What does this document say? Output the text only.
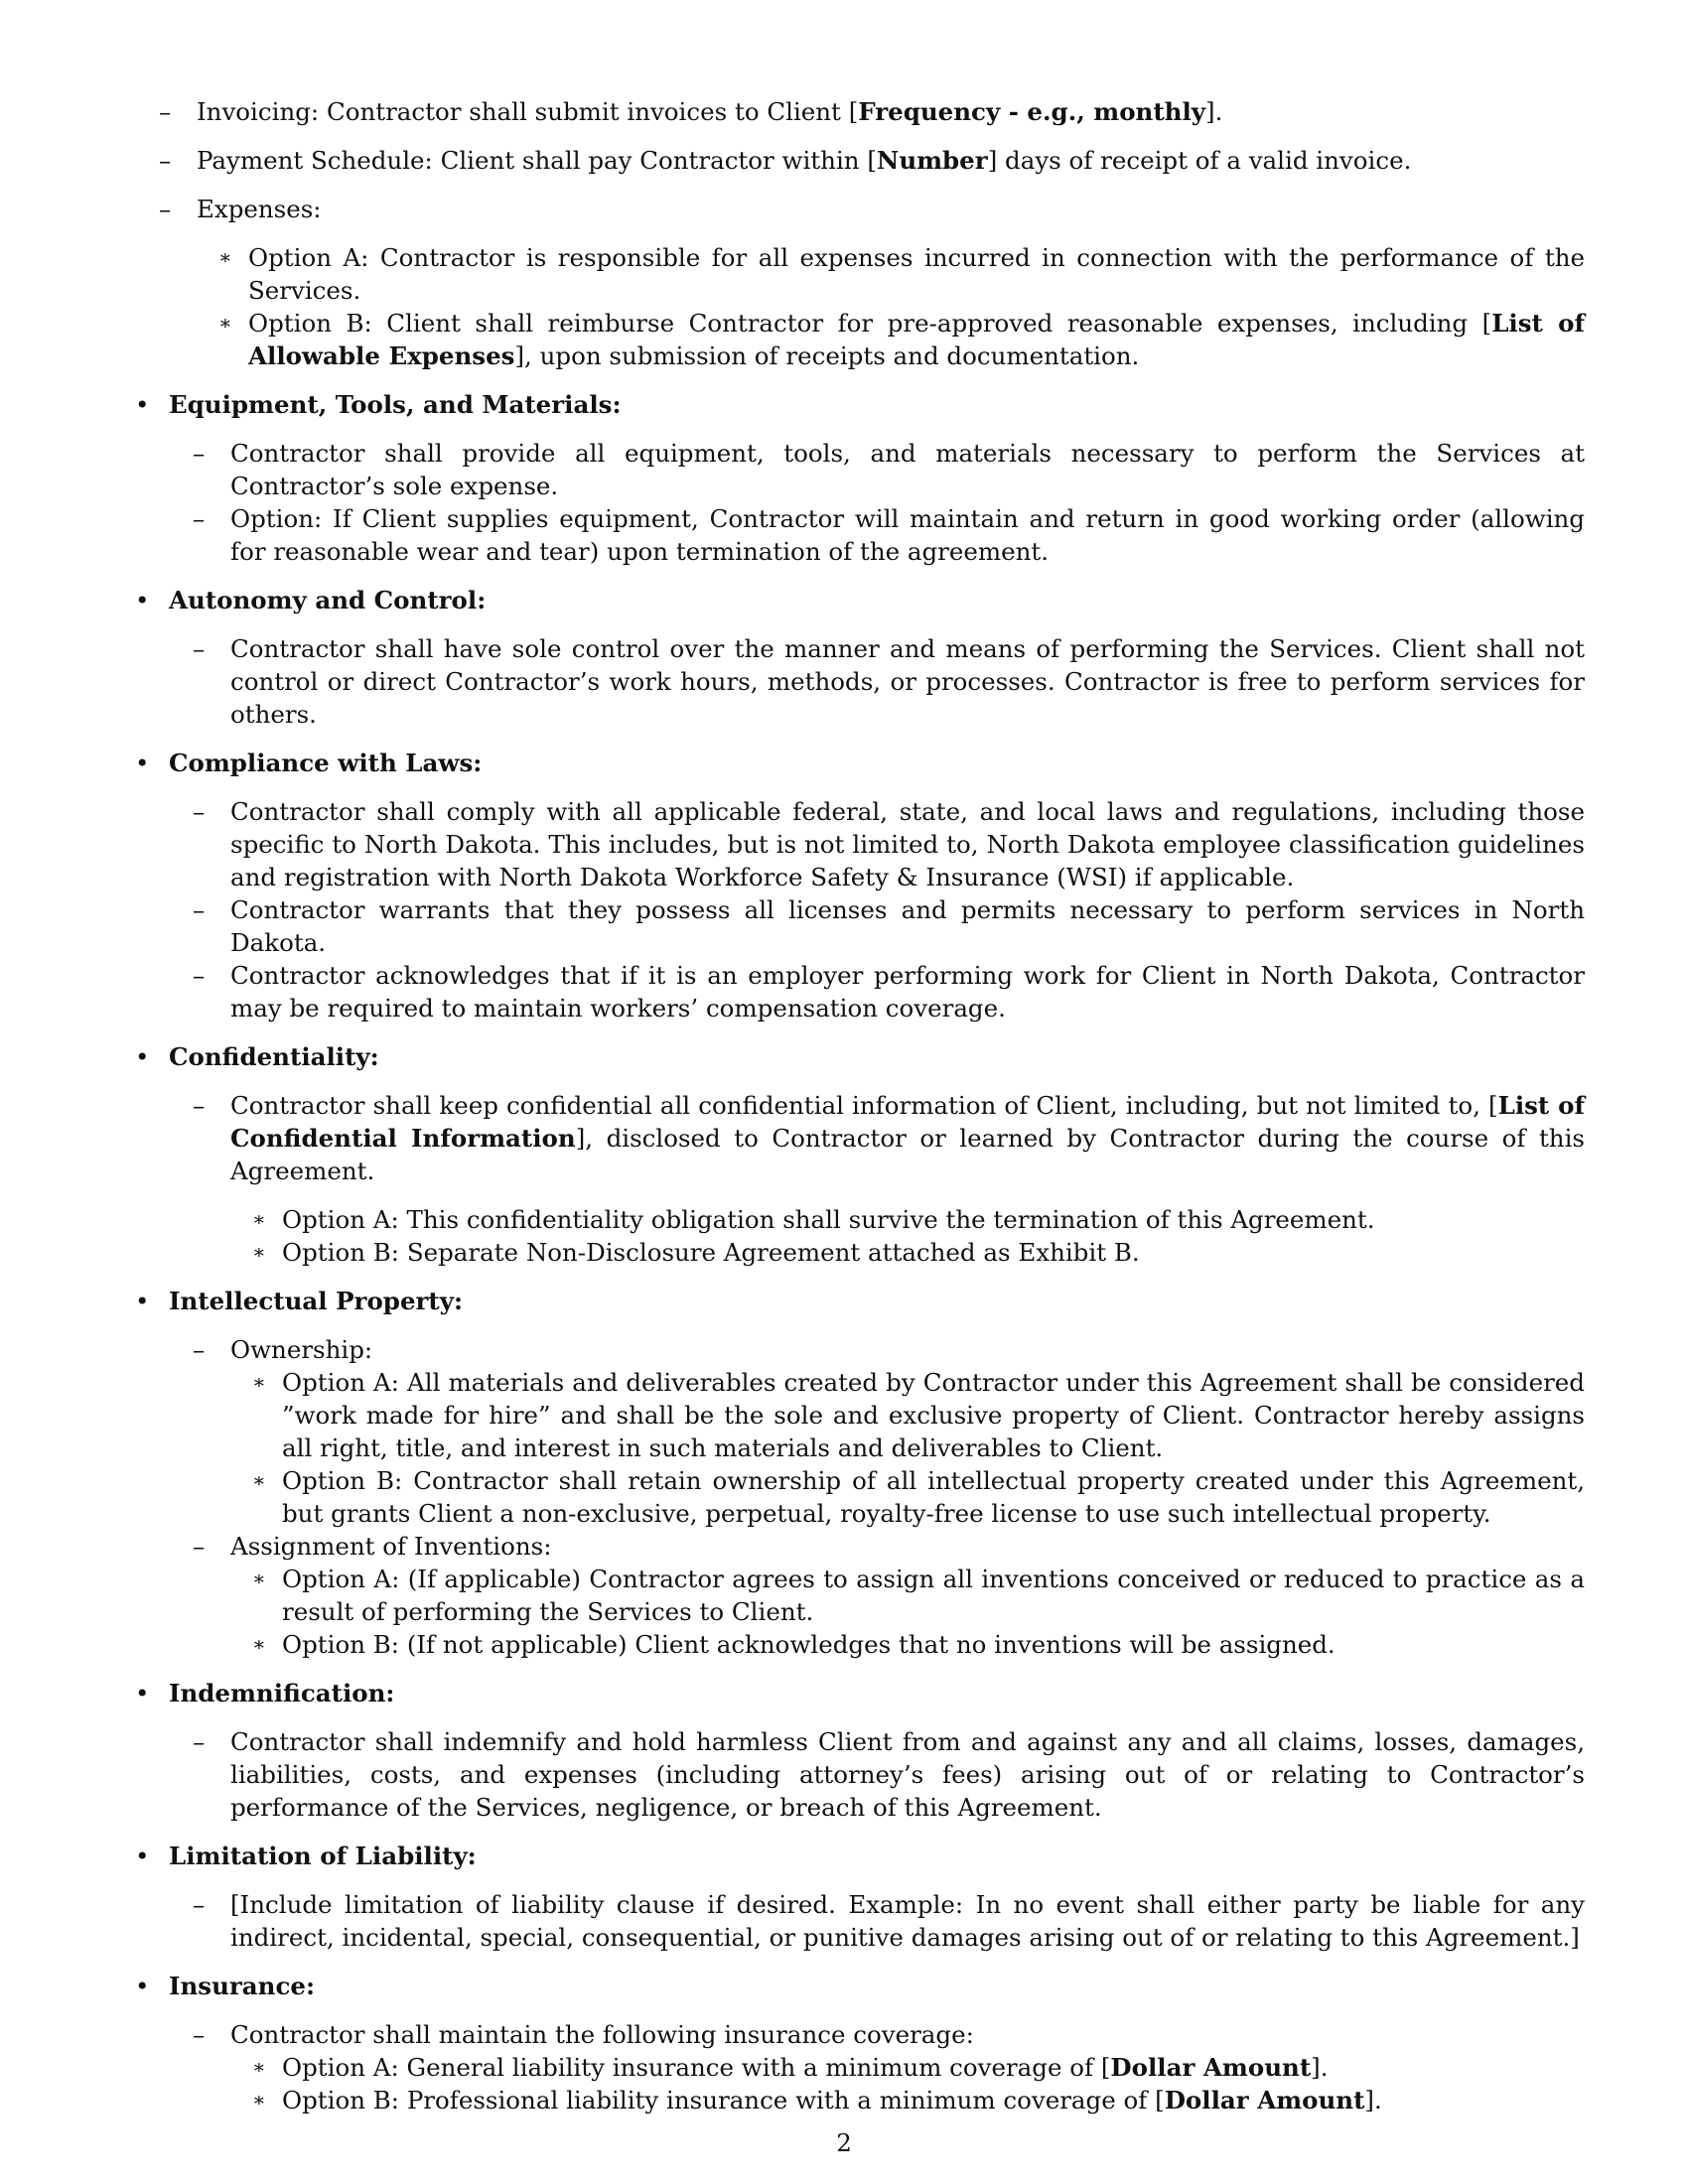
– Invoicing: Contractor shall submit invoices to Client [Frequency - e.g., monthly].
– Payment Schedule: Client shall pay Contractor within [Number] days of receipt of a valid invoice.
– Expenses:
∗ Option A: Contractor is responsible for all expenses incurred in connection with the performance of the Services.
∗ Option B: Client shall reimburse Contractor for pre-approved reasonable expenses, including [List of Allowable Expenses], upon submission of receipts and documentation.
• Equipment, Tools, and Materials:
– Contractor shall provide all equipment, tools, and materials necessary to perform the Services at Contractor’s sole expense.
– Option: If Client supplies equipment, Contractor will maintain and return in good working order (allowing for reasonable wear and tear) upon termination of the agreement.
• Autonomy and Control:
– Contractor shall have sole control over the manner and means of performing the Services. Client shall not control or direct Contractor’s work hours, methods, or processes. Contractor is free to perform services for others.
• Compliance with Laws:
– Contractor shall comply with all applicable federal, state, and local laws and regulations, including those specific to North Dakota. This includes, but is not limited to, North Dakota employee classification guidelines and registration with North Dakota Workforce Safety & Insurance (WSI) if applicable.
– Contractor warrants that they possess all licenses and permits necessary to perform services in North Dakota.
– Contractor acknowledges that if it is an employer performing work for Client in North Dakota, Contractor may be required to maintain workers’ compensation coverage.
• Confidentiality:
– Contractor shall keep confidential all confidential information of Client, including, but not limited to, [List of Confidential Information], disclosed to Contractor or learned by Contractor during the course of this Agreement.
∗ Option A: This confidentiality obligation shall survive the termination of this Agreement.
∗ Option B: Separate Non-Disclosure Agreement attached as Exhibit B.
• Intellectual Property:
– Ownership:
∗ Option A: All materials and deliverables created by Contractor under this Agreement shall be considered ”work made for hire” and shall be the sole and exclusive property of Client. Contractor hereby assigns all right, title, and interest in such materials and deliverables to Client.
∗ Option B: Contractor shall retain ownership of all intellectual property created under this Agreement, but grants Client a non-exclusive, perpetual, royalty-free license to use such intellectual property.
– Assignment of Inventions:
∗ Option A: (If applicable) Contractor agrees to assign all inventions conceived or reduced to practice as a result of performing the Services to Client.
∗ Option B: (If not applicable) Client acknowledges that no inventions will be assigned.
• Indemnification:
– Contractor shall indemnify and hold harmless Client from and against any and all claims, losses, damages, liabilities, costs, and expenses (including attorney’s fees) arising out of or relating to Contractor’s performance of the Services, negligence, or breach of this Agreement.
• Limitation of Liability:
– [Include limitation of liability clause if desired. Example: In no event shall either party be liable for any indirect, incidental, special, consequential, or punitive damages arising out of or relating to this Agreement.]
• Insurance:
– Contractor shall maintain the following insurance coverage:
∗ Option A: General liability insurance with a minimum coverage of [Dollar Amount].
∗ Option B: Professional liability insurance with a minimum coverage of [Dollar Amount].
2
